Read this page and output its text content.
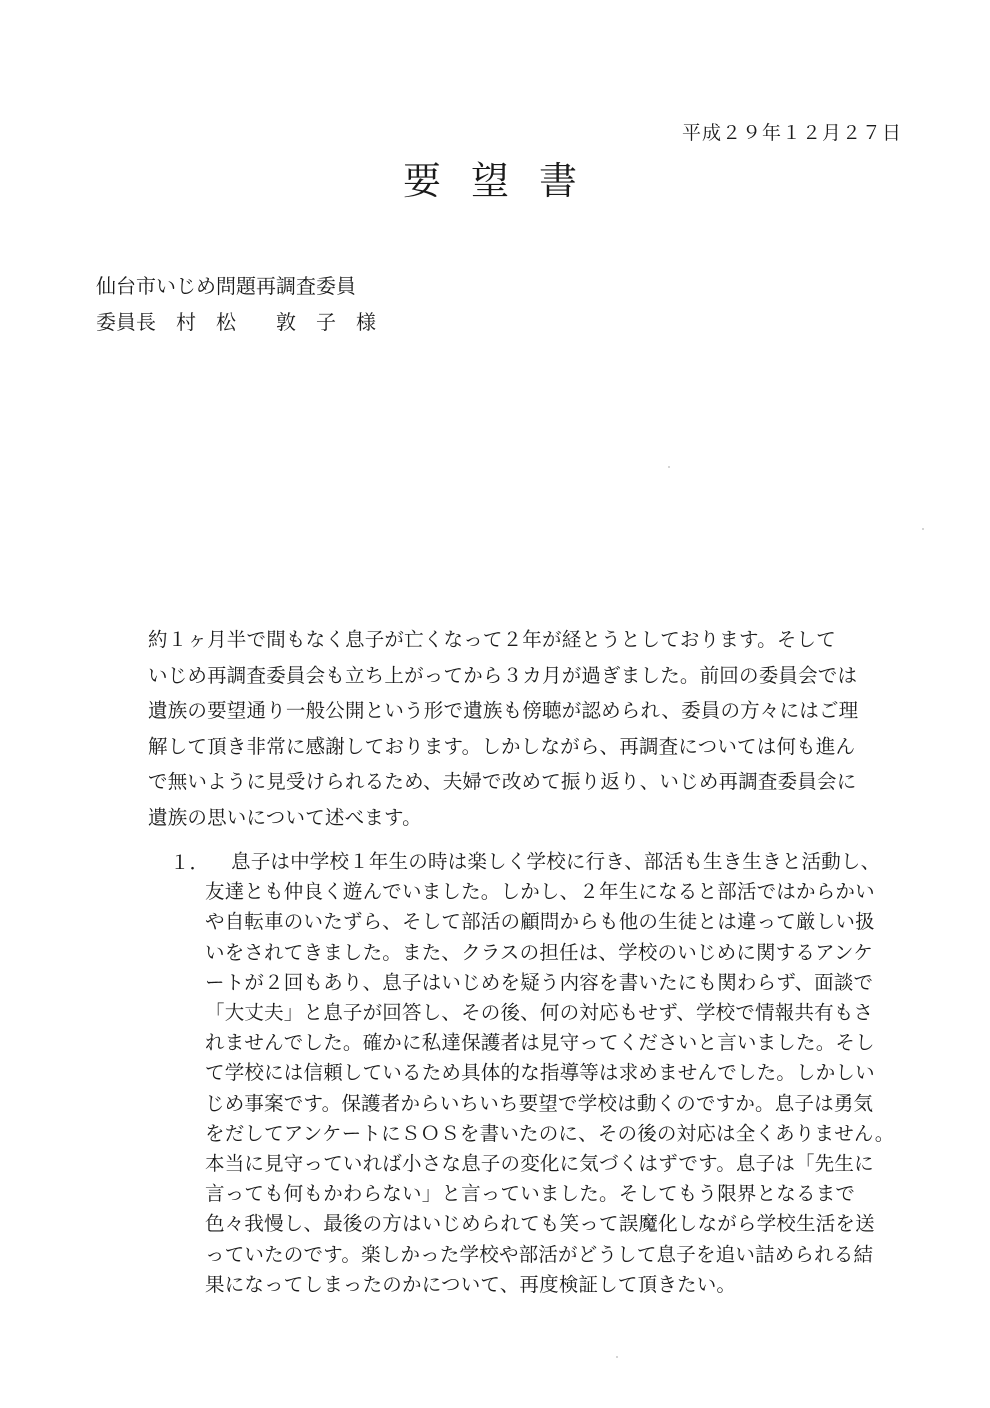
平成２９年１２月２７日
要望書
仙台市いじめ問題再調査委員
委員長　村　松　　敦　子　様
約１ヶ月半で間もなく息子が亡くなって２年が経とうとしております。そして
いじめ再調査委員会も立ち上がってから３カ月が過ぎました。前回の委員会では
遺族の要望通り一般公開という形で遺族も傍聴が認められ、委員の方々にはご理
解して頂き非常に感謝しております。しかしながら、再調査については何も進ん
で無いように見受けられるため、夫婦で改めて振り返り、いじめ再調査委員会に
遺族の思いについて述べます。
１．	息子は中学校１年生の時は楽しく学校に行き、部活も生き生きと活動し、
友達とも仲良く遊んでいました。しかし、２年生になると部活ではからかい
や自転車のいたずら、そして部活の顧問からも他の生徒とは違って厳しい扱
いをされてきました。また、クラスの担任は、学校のいじめに関するアンケ
ートが２回もあり、息子はいじめを疑う内容を書いたにも関わらず、面談で
「大丈夫」と息子が回答し、その後、何の対応もせず、学校で情報共有もさ
れませんでした。確かに私達保護者は見守ってくださいと言いました。そし
て学校には信頼しているため具体的な指導等は求めませんでした。しかしい
じめ事案です。保護者からいちいち要望で学校は動くのですか。息子は勇気
をだしてアンケートにＳＯＳを書いたのに、その後の対応は全くありません。
本当に見守っていれば小さな息子の変化に気づくはずです。息子は「先生に
言っても何もかわらない」と言っていました。そしてもう限界となるまで
色々我慢し、最後の方はいじめられても笑って誤魔化しながら学校生活を送
っていたのです。楽しかった学校や部活がどうして息子を追い詰められる結
果になってしまったのかについて、再度検証して頂きたい。
